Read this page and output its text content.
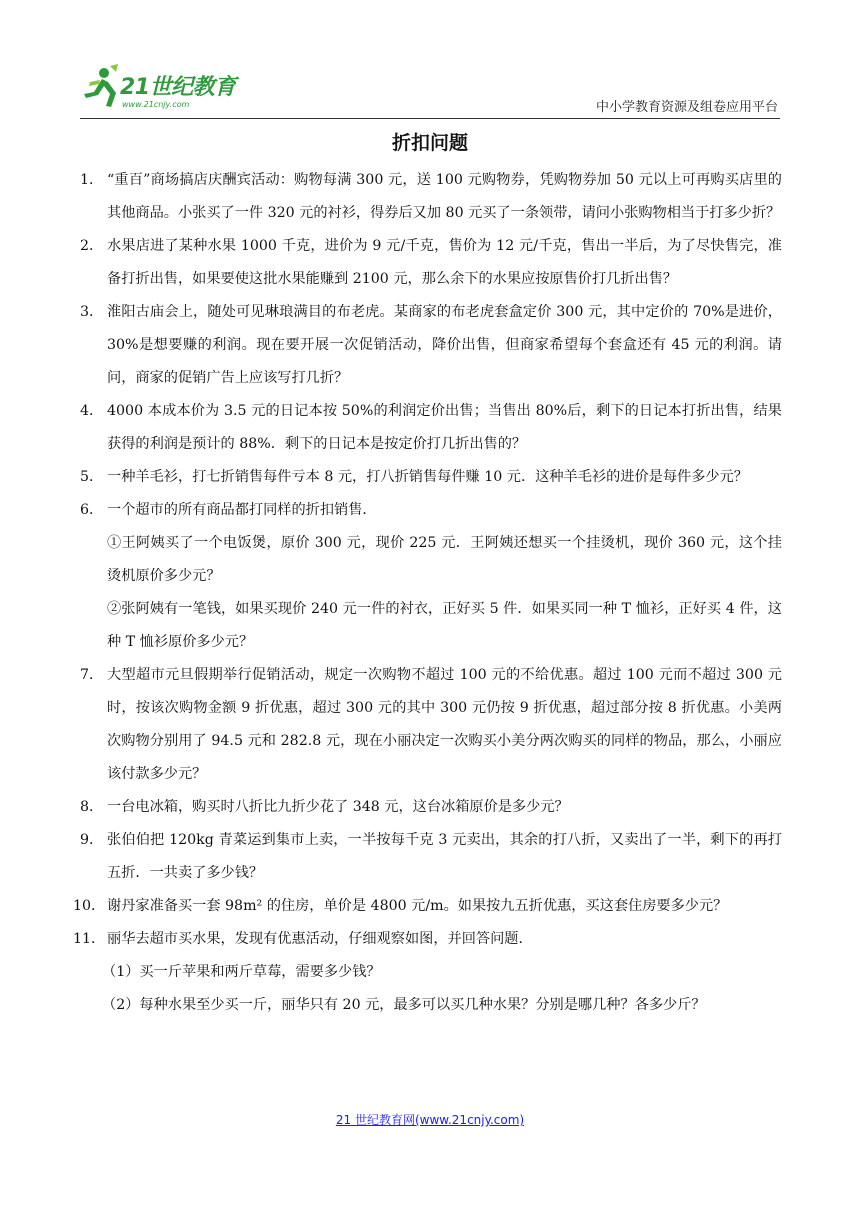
21世纪教育
www.21cnjy.com	中小学教育资源及组卷应用平台
折扣问题
1． “重百”商场搞店庆酬宾活动：购物每满 300 元，送 100 元购物券，凭购物券加 50 元以上可再购买店里的其他商品。小张买了一件 320 元的衬衫，得券后又加 80 元买了一条领带，请问小张购物相当于打多少折？
2． 水果店进了某种水果 1000 千克，进价为 9 元/千克，售价为 12 元/千克，售出一半后，为了尽快售完，准备打折出售，如果要使这批水果能赚到 2100 元，那么余下的水果应按原售价打几折出售？
3． 淮阳古庙会上，随处可见琳琅满目的布老虎。某商家的布老虎套盒定价 300 元，其中定价的 70%是进价，30%是想要赚的利润。现在要开展一次促销活动，降价出售，但商家希望每个套盒还有 45 元的利润。请问，商家的促销广告上应该写打几折？
4． 4000 本成本价为 3.5 元的日记本按 50%的利润定价出售；当售出 80%后，剩下的日记本打折出售，结果获得的利润是预计的 88%．剩下的日记本是按定价打几折出售的？
5． 一种羊毛衫，打七折销售每件亏本 8 元，打八折销售每件赚 10 元．这种羊毛衫的进价是每件多少元？
6． 一个超市的所有商品都打同样的折扣销售．
①王阿姨买了一个电饭煲，原价 300 元，现价 225 元．王阿姨还想买一个挂烫机，现价 360 元，这个挂烫机原价多少元？
②张阿姨有一笔钱，如果买现价 240 元一件的衬衣，正好买 5 件．如果买同一种 T 恤衫，正好买 4 件，这种 T 恤衫原价多少元？
7． 大型超市元旦假期举行促销活动，规定一次购物不超过 100 元的不给优惠。超过 100 元而不超过 300 元时，按该次购物金额 9 折优惠，超过 300 元的其中 300 元仍按 9 折优惠，超过部分按 8 折优惠。小美两次购物分别用了 94.5 元和 282.8 元，现在小丽决定一次购买小美分两次购买的同样的物品，那么，小丽应该付款多少元？
8． 一台电冰箱，购买时八折比九折少花了 348 元，这台冰箱原价是多少元？
9． 张伯伯把 120kg 青菜运到集市上卖，一半按每千克 3 元卖出，其余的打八折，又卖出了一半，剩下的再打五折．一共卖了多少钱？
10． 谢丹家准备买一套 98m² 的住房，单价是 4800 元/m。如果按九五折优惠，买这套住房要多少元？
11． 丽华去超市买水果，发现有优惠活动，仔细观察如图，并回答问题．
（1）买一斤苹果和两斤草莓，需要多少钱？
（2）每种水果至少买一斤，丽华只有 20 元，最多可以买几种水果？分别是哪几种？各多少斤？
21 世纪教育网(www.21cnjy.com)
